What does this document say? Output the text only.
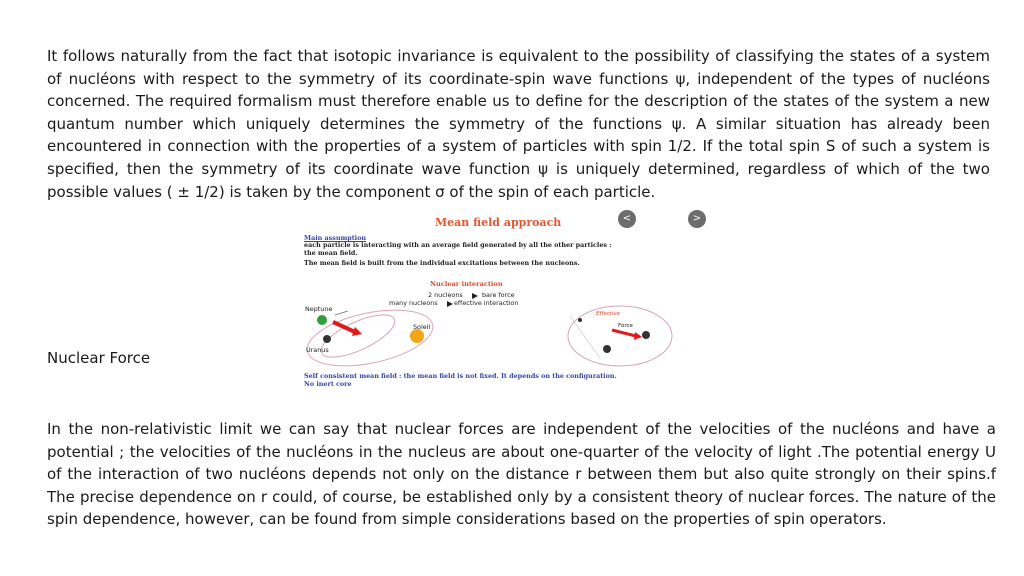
It follows naturally from the fact that isotopic invariance is equivalent to the possibility of classifying the states of a system of nucléons with respect to the symmetry of its coordinate-spin wave functions ψ, independent of the types of nucléons concerned. The required formalism must therefore enable us to define for the description of the states of the system a new quantum number which uniquely determines the symmetry of the functions ψ. A similar situation has already been encountered in connection with the properties of a system of particles with spin 1/2. If the total spin S of such a system is specified, then the symmetry of its coordinate wave function ψ is uniquely determined, regardless of which of the two possible values ( ± 1/2) is taken by the component σ of the spin of each particle.

Nuclear Force
Mean field approach	<	>
Main assumption
each particle is interacting with an average field generated by all the other particles :
the mean field.
The mean field is built from the individual excitations between the nucleons.
Nuclear interaction
2 nucleons	bare force
many nucleons	effective interaction
Neptune
Soleil
Uranus
Effective
Force
Self consistent mean field : the mean field is not fixed. It depends on the configuration.
No inert core

In the non-relativistic limit we can say that nuclear forces are independent of the velocities of the nucléons and have a potential ; the velocities of the nucléons in the nucleus are about one-quarter of the velocity of light .The potential energy U of the interaction of two nucléons depends not only on the distance r between them but also quite strongly on their spins.f The precise dependence on r could, of course, be established only by a consistent theory of nuclear forces. The nature of the spin dependence, however, can be found from simple considerations based on the properties of spin operators.
